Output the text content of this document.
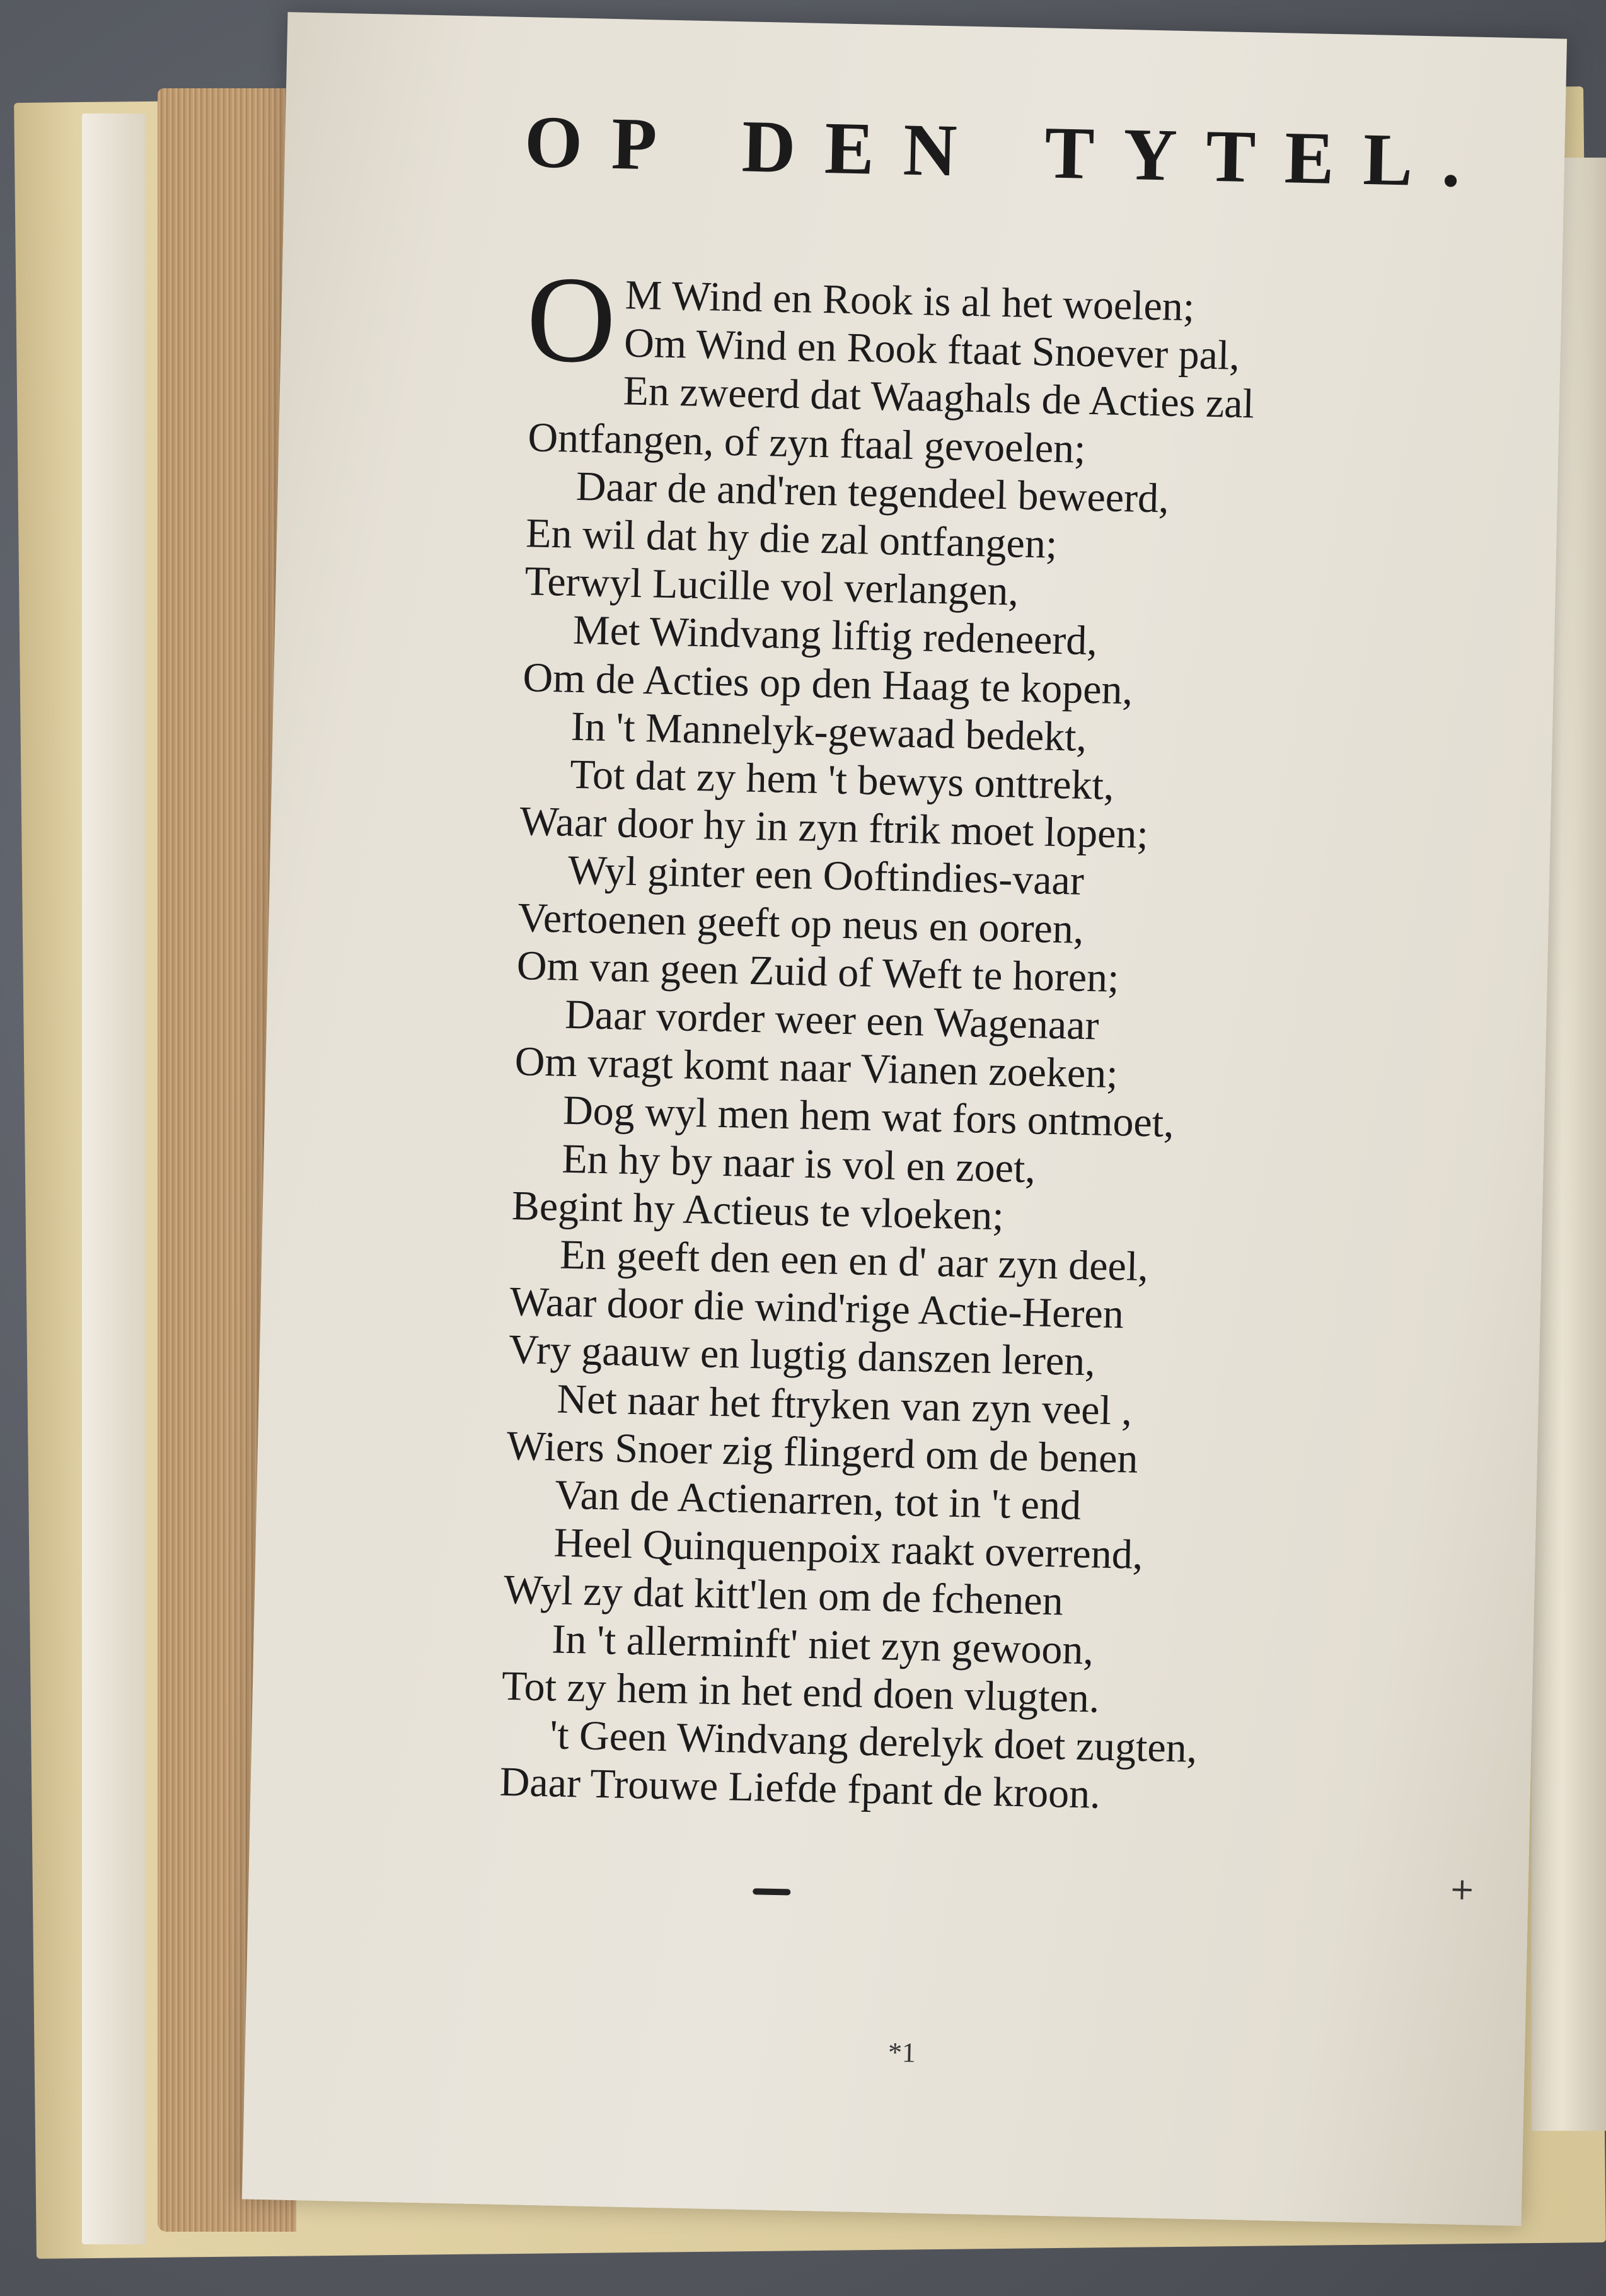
OP DEN TYTEL.
O M Wind en Rook is al het woelen;
Om Wind en Rook ftaat Snoever pal,
En zweerd dat Waaghals de Acties zal
Ontfangen, of zyn ftaal gevoelen;
Daar de and'ren tegendeel beweerd,
En wil dat hy die zal ontfangen;
Terwyl Lucille vol verlangen,
Met Windvang liftig redeneerd,
Om de Acties op den Haag te kopen,
In 't Mannelyk-gewaad bedekt,
Tot dat zy hem 't bewys onttrekt,
Waar door hy in zyn ftrik moet lopen;
Wyl ginter een Ooftindies-vaar
Vertoenen geeft op neus en ooren,
Om van geen Zuid of Weft te horen;
Daar vorder weer een Wagenaar
Om vragt komt naar Vianen zoeken;
Dog wyl men hem wat fors ontmoet,
En hy by naar is vol en zoet,
Begint hy Actieus te vloeken;
En geeft den een en d' aar zyn deel,
Waar door die wind'rige Actie-Heren
Vry gaauw en lugtig danszen leren,
Net naar het ftryken van zyn veel ,
Wiers Snoer zig flingerd om de benen
Van de Actienarren, tot in 't end
Heel Quinquenpoix raakt overrend,
Wyl zy dat kitt'len om de fchenen
In 't allerminft' niet zyn gewoon,
Tot zy hem in het end doen vlugten.
't Geen Windvang derelyk doet zugten,
Daar Trouwe Liefde fpant de kroon.
+
*1
